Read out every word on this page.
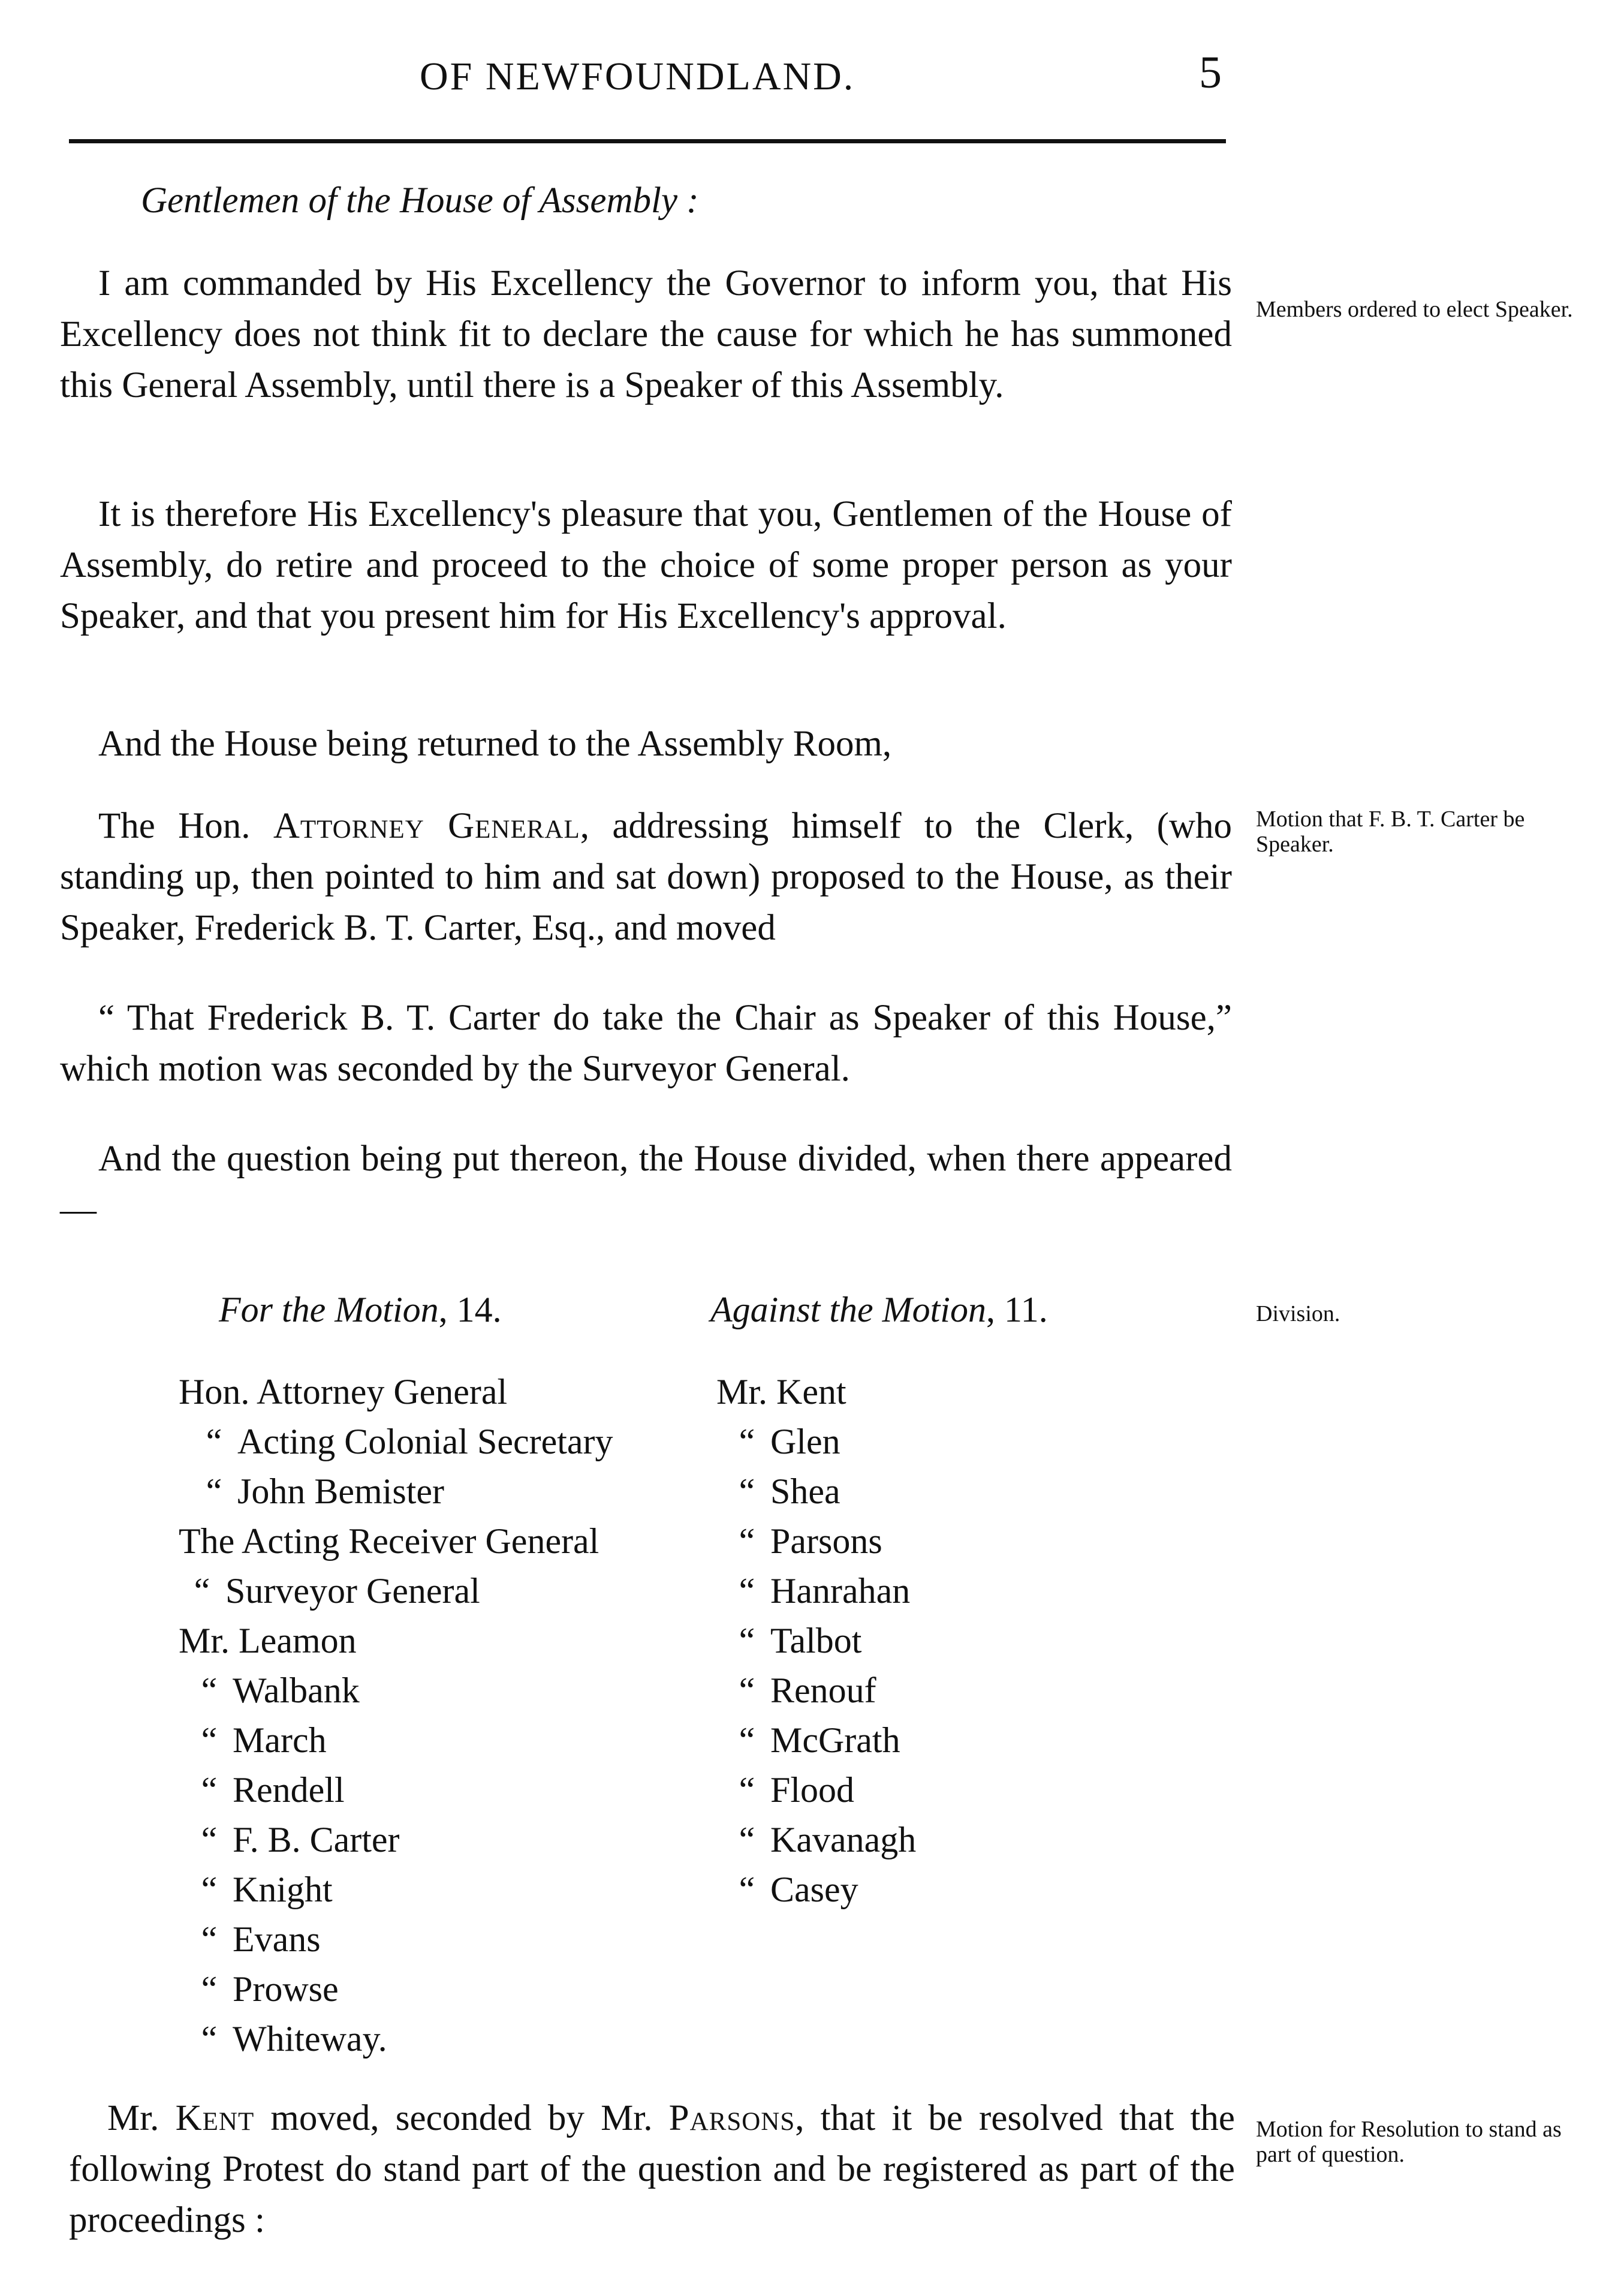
OF NEWFOUNDLAND.	5
Gentlemen of the House of Assembly :
I am commanded by His Excellency the Governor to inform you, that His Excellency does not think fit to declare the cause for which he has summoned this General Assembly, until there is a Speaker of this Assembly.
It is therefore His Excellency's pleasure that you, Gentlemen of the House of Assembly, do retire and proceed to the choice of some proper person as your Speaker, and that you present him for His Excellency's approval.
And the House being returned to the Assembly Room,
The Hon. Attorney General, addressing himself to the Clerk, (who standing up, then pointed to him and sat down) proposed to the House, as their Speaker, Frederick B. T. Carter, Esq., and moved
“ That Frederick B. T. Carter do take the Chair as Speaker of this House,” which motion was seconded by the Surveyor General.
And the question being put thereon, the House divided, when there appeared—
For the Motion, 14.	Against the Motion, 11.
Hon. Attorney General
“ Acting Colonial Secretary
“ John Bemister
The Acting Receiver General
“ Surveyor General
Mr. Leamon
“ Walbank
“ March
“ Rendell
“ F. B. Carter
“ Knight
“ Evans
“ Prowse
“ Whiteway.
Mr. Kent
“ Glen
“ Shea
“ Parsons
“ Hanrahan
“ Talbot
“ Renouf
“ McGrath
“ Flood
“ Kavanagh
“ Casey
Mr. Kent moved, seconded by Mr. Parsons, that it be resolved that the following Protest do stand part of the question and be registered as part of the proceedings :
Members ordered to elect Speaker.
Motion that F. B. T. Carter be Speaker.
Division.
Motion for Resolution to stand as part of question.
